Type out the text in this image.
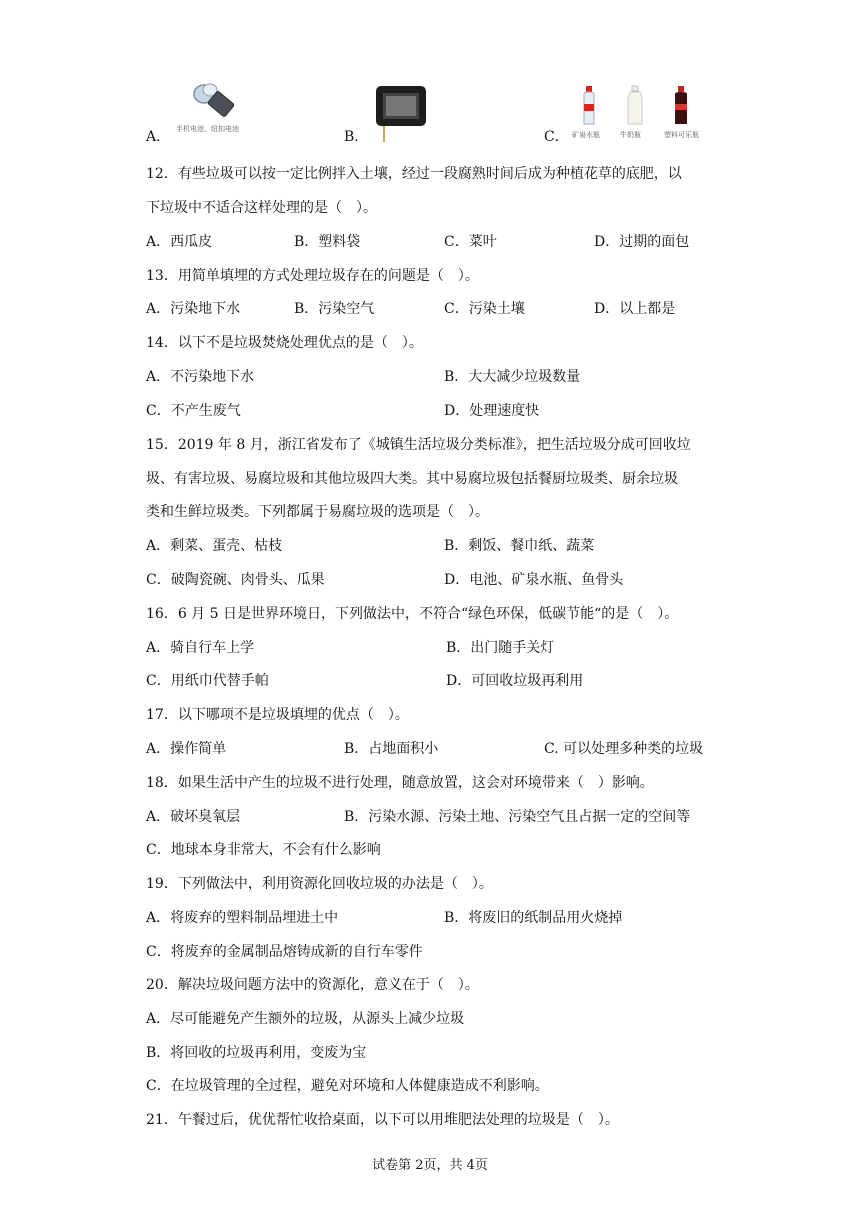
A． 手机电池、纽扣电池	B．	C． 矿泉水瓶	牛奶瓶	塑料可乐瓶
12．有些垃圾可以按一定比例拌入土壤，经过一段腐熟时间后成为种植花草的底肥，以
下垃圾中不适合这样处理的是（　）。
A．西瓜皮	B．塑料袋	C．菜叶	D．过期的面包
13．用简单填埋的方式处理垃圾存在的问题是（　）。
A．污染地下水	B．污染空气	C．污染土壤	D．以上都是
14．以下不是垃圾焚烧处理优点的是（　）。
A．不污染地下水	B．大大减少垃圾数量
C．不产生废气	D．处理速度快
15．2019 年 8 月，浙江省发布了《城镇生活垃圾分类标准》，把生活垃圾分成可回收垃
圾、有害垃圾、易腐垃圾和其他垃圾四大类。其中易腐垃圾包括餐厨垃圾类、厨余垃圾
类和生鲜垃圾类。下列都属于易腐垃圾的选项是（　）。
A．剩菜、蛋壳、枯枝	B．剩饭、餐巾纸、蔬菜
C．破陶瓷碗、肉骨头、瓜果	D．电池、矿泉水瓶、鱼骨头
16．6 月 5 日是世界环境日，下列做法中，不符合“绿色环保，低碳节能“的是（　）。
A．骑自行车上学	B．出门随手关灯
C．用纸巾代替手帕	D．可回收垃圾再利用
17．以下哪项不是垃圾填埋的优点（　）。
A．操作简单	B．占地面积小	C. 可以处理多种类的垃圾
18．如果生活中产生的垃圾不进行处理，随意放置，这会对环境带来（　）影响。
A．破坏臭氧层	B．污染水源、污染土地、污染空气且占据一定的空间等
C．地球本身非常大，不会有什么影响
19．下列做法中，利用资源化回收垃圾的办法是（　）。
A．将废弃的塑料制品埋进土中	B．将废旧的纸制品用火烧掉
C．将废弃的金属制品熔铸成新的自行车零件
20．解决垃圾问题方法中的资源化，意义在于（　）。
A．尽可能避免产生额外的垃圾，从源头上减少垃圾
B．将回收的垃圾再利用，变废为宝
C．在垃圾管理的全过程，避免对环境和人体健康造成不利影响。
21．午餐过后，优优帮忙收拾桌面，以下可以用堆肥法处理的垃圾是（　）。
试卷第 2页，共 4页
